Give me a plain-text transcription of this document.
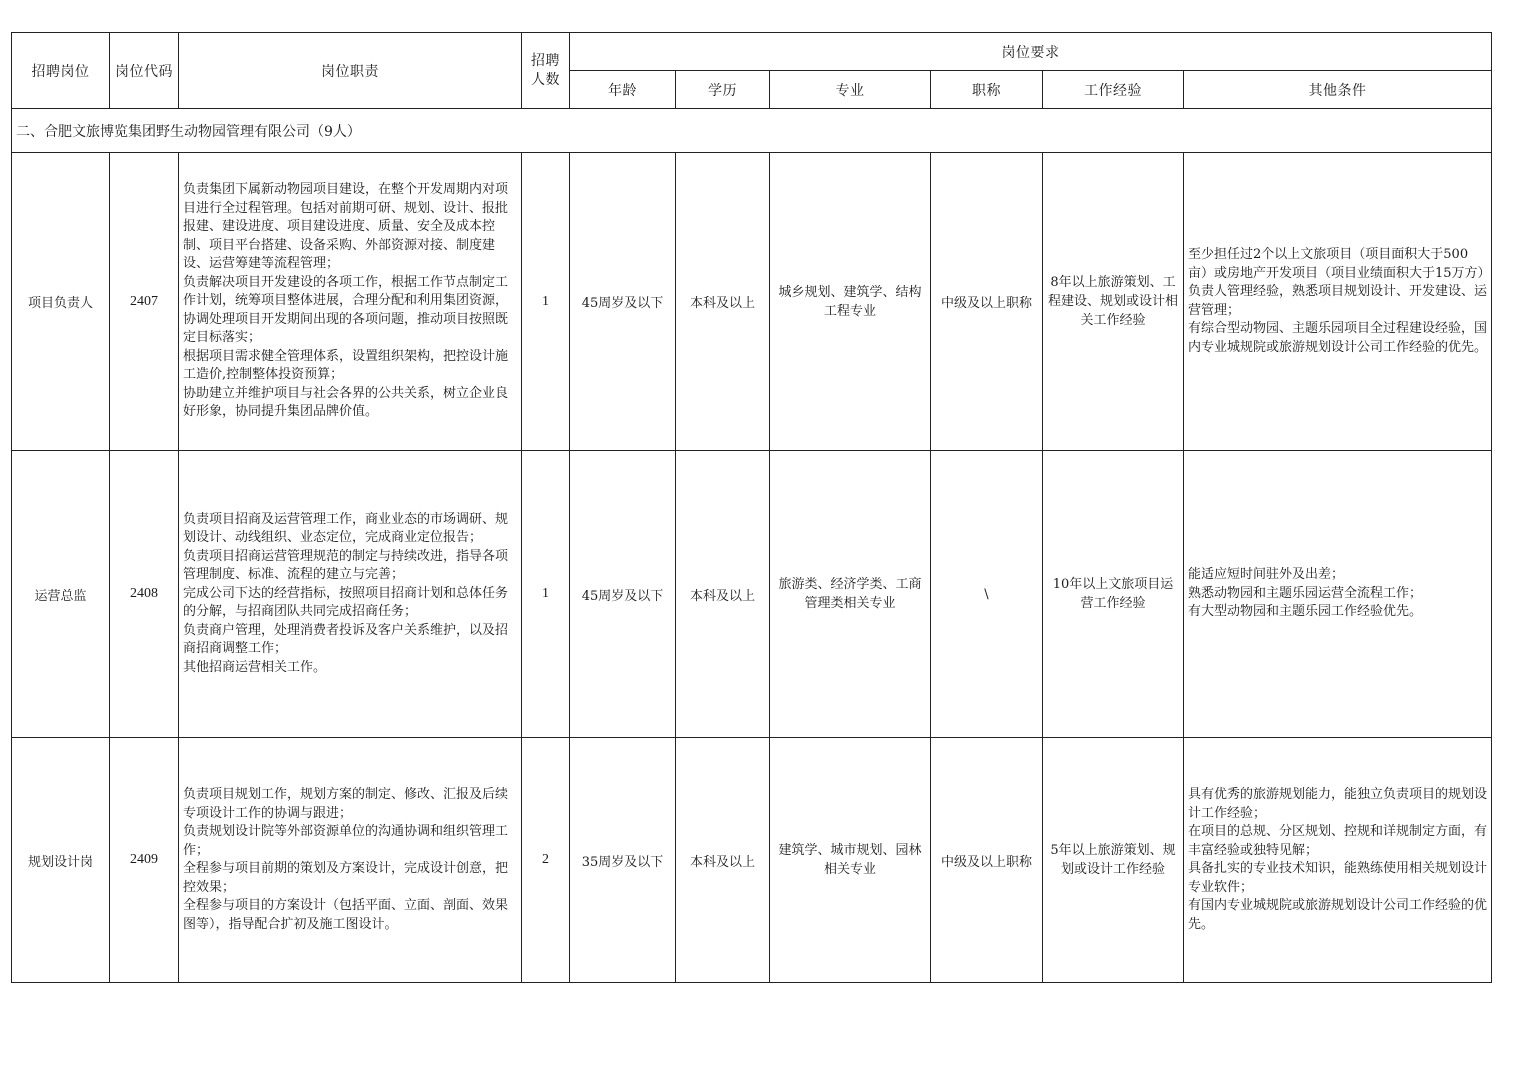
招聘岗位	岗位代码	岗位职责	招聘人数	岗位要求					
				年龄	学历	专业	职称	工作经验	其他条件
二、合肥文旅博览集团野生动物园管理有限公司（9人）									
项目负责人	2407	负责集团下属新动物园项目建设，在整个开发周期内对项目进行全过程管理。包括对前期可研、规划、设计、报批报建、建设进度、项目建设进度、质量、安全及成本控制、项目平台搭建、设备采购、外部资源对接、制度建设、运营筹建等流程管理；
负责解决项目开发建设的各项工作，根据工作节点制定工作计划，统筹项目整体进展，合理分配和利用集团资源，协调处理项目开发期间出现的各项问题，推动项目按照既定目标落实；
根据项目需求健全管理体系，设置组织架构，把控设计施工造价,控制整体投资预算；
协助建立并维护项目与社会各界的公共关系，树立企业良好形象，协同提升集团品牌价值。	1	45周岁及以下	本科及以上	城乡规划、建筑学、结构工程专业	中级及以上职称	8年以上旅游策划、工程建设、规划或设计相关工作经验	至少担任过2个以上文旅项目（项目面积大于500亩）或房地产开发项目（项目业绩面积大于15万方）负责人管理经验，熟悉项目规划设计、开发建设、运营管理；
有综合型动物园、主题乐园项目全过程建设经验，国内专业城规院或旅游规划设计公司工作经验的优先。
运营总监	2408	负责项目招商及运营管理工作，商业业态的市场调研、规划设计、动线组织、业态定位，完成商业定位报告；
负责项目招商运营管理规范的制定与持续改进，指导各项管理制度、标准、流程的建立与完善；
完成公司下达的经营指标，按照项目招商计划和总体任务的分解，与招商团队共同完成招商任务；
负责商户管理，处理消费者投诉及客户关系维护，以及招商招商调整工作；
其他招商运营相关工作。	1	45周岁及以下	本科及以上	旅游类、经济学类、工商管理类相关专业	\	10年以上文旅项目运营工作经验	能适应短时间驻外及出差；
熟悉动物园和主题乐园运营全流程工作；
有大型动物园和主题乐园工作经验优先。
规划设计岗	2409	负责项目规划工作，规划方案的制定、修改、汇报及后续专项设计工作的协调与跟进；
负责规划设计院等外部资源单位的沟通协调和组织管理工作；
全程参与项目前期的策划及方案设计，完成设计创意，把控效果；
全程参与项目的方案设计（包括平面、立面、剖面、效果图等），指导配合扩初及施工图设计。	2	35周岁及以下	本科及以上	建筑学、城市规划、园林相关专业	中级及以上职称	5年以上旅游策划、规划或设计工作经验	具有优秀的旅游规划能力，能独立负责项目的规划设计工作经验；
在项目的总规、分区规划、控规和详规制定方面，有丰富经验或独特见解；
具备扎实的专业技术知识，能熟练使用相关规划设计专业软件；
有国内专业城规院或旅游规划设计公司工作经验的优先。
